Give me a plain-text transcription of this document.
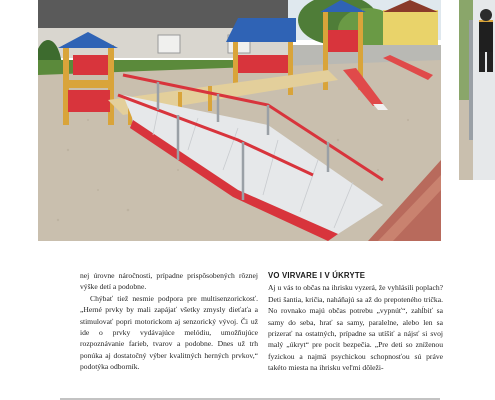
nej úrovne náročnosti, prípadne prispôsobených rôznej výške detí a podobne.

Chýbať tiež nesmie podpora pre multisenzorickosť. „Herné prvky by mali zapájať všetky zmysly dieťaťa a stimulovať popri motorickom aj senzorický vývoj. Či už ide o prvky vydávajúce melódiu, umožňujúce rozpoznávanie farieb, tvarov a podobne. Dnes už trh ponúka aj dostatočný výber kvalitných herných prvkov,“ podotýka odborník.

VO VIRVARE I V ÚKRYTE

Aj u vás to občas na ihrisku vyzerá, že vyhlásili poplach? Deti šantia, kričia, naháňajú sa až do prepoteného trička. No rovnako majú občas potrebu „vypnúť“, zahĺbiť sa samy do seba, hrať sa samy, paralelne, alebo len sa prizerať na ostatných, prípadne sa utíšiť a nájsť si svoj malý „úkryt“ pre pocit bezpečia. „Pre deti so zníženou fyzickou a najmä psychickou schopnosťou sú práve takéto miesta na ihrisku veľmi dôleži-
